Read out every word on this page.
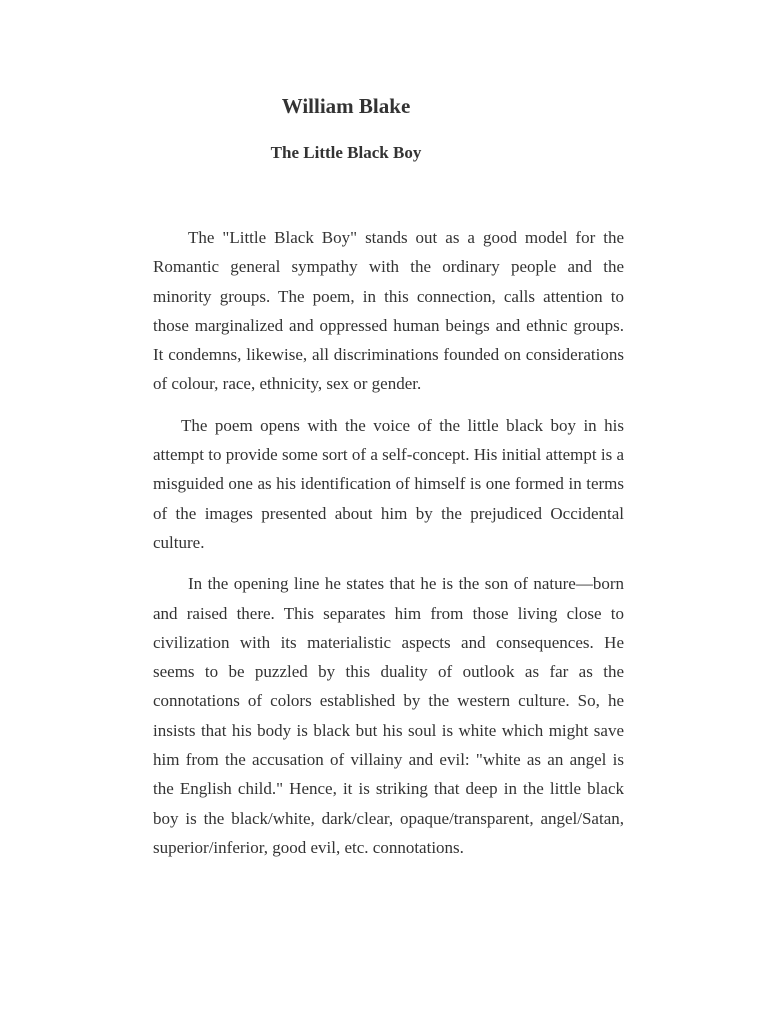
William Blake
The Little Black Boy

The "Little Black Boy" stands out as a good model for the Romantic general sympathy with the ordinary people and the minority groups. The poem, in this connection, calls attention to those marginalized and oppressed human beings and ethnic groups. It condemns, likewise, all discriminations founded on considerations of colour, race, ethnicity, sex or gender.

The poem opens with the voice of the little black boy in his attempt to provide some sort of a self-concept. His initial attempt is a misguided one as his identification of himself is one formed in terms of the images presented about him by the prejudiced Occidental culture.

In the opening line he states that he is the son of nature—born and raised there. This separates him from those living close to civilization with its materialistic aspects and consequences. He seems to be puzzled by this duality of outlook as far as the connotations of colors established by the western culture. So, he insists that his body is black but his soul is white which might save him from the accusation of villainy and evil: "white as an angel is the English child." Hence, it is striking that deep in the little black boy is the black/white, dark/clear, opaque/transparent, angel/Satan, superior/inferior, good evil, etc. connotations.
